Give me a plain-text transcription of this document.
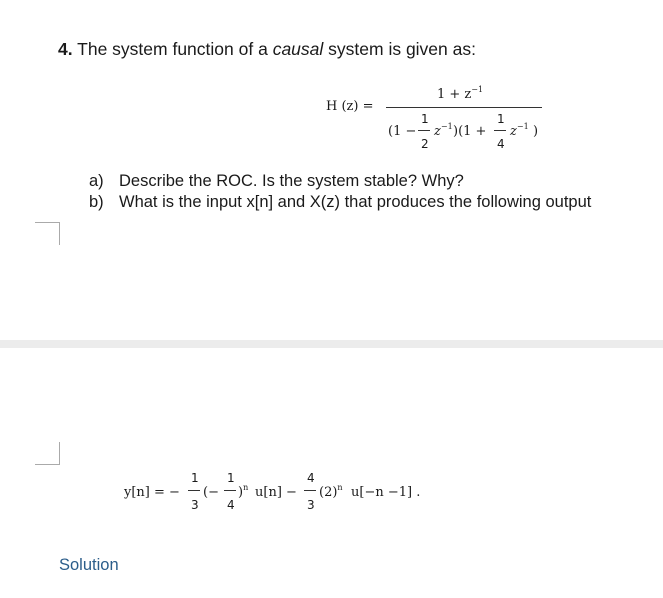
4. The system function of a causal system is given as:
H (z) =
$1 + z^{-1}$
(1 −
1
2
$z^{-1}$ )(1 +
1
4
$z^{-1}$ )
a) Describe the ROC. Is the system stable? Why?
b) What is the input x[n] and X(z) that produces the following output
y[n] = −
1
3
(−
1
4
)$^n$ u[n] −
4
3
$(2)^n$ u[−n −1] .
Solution
